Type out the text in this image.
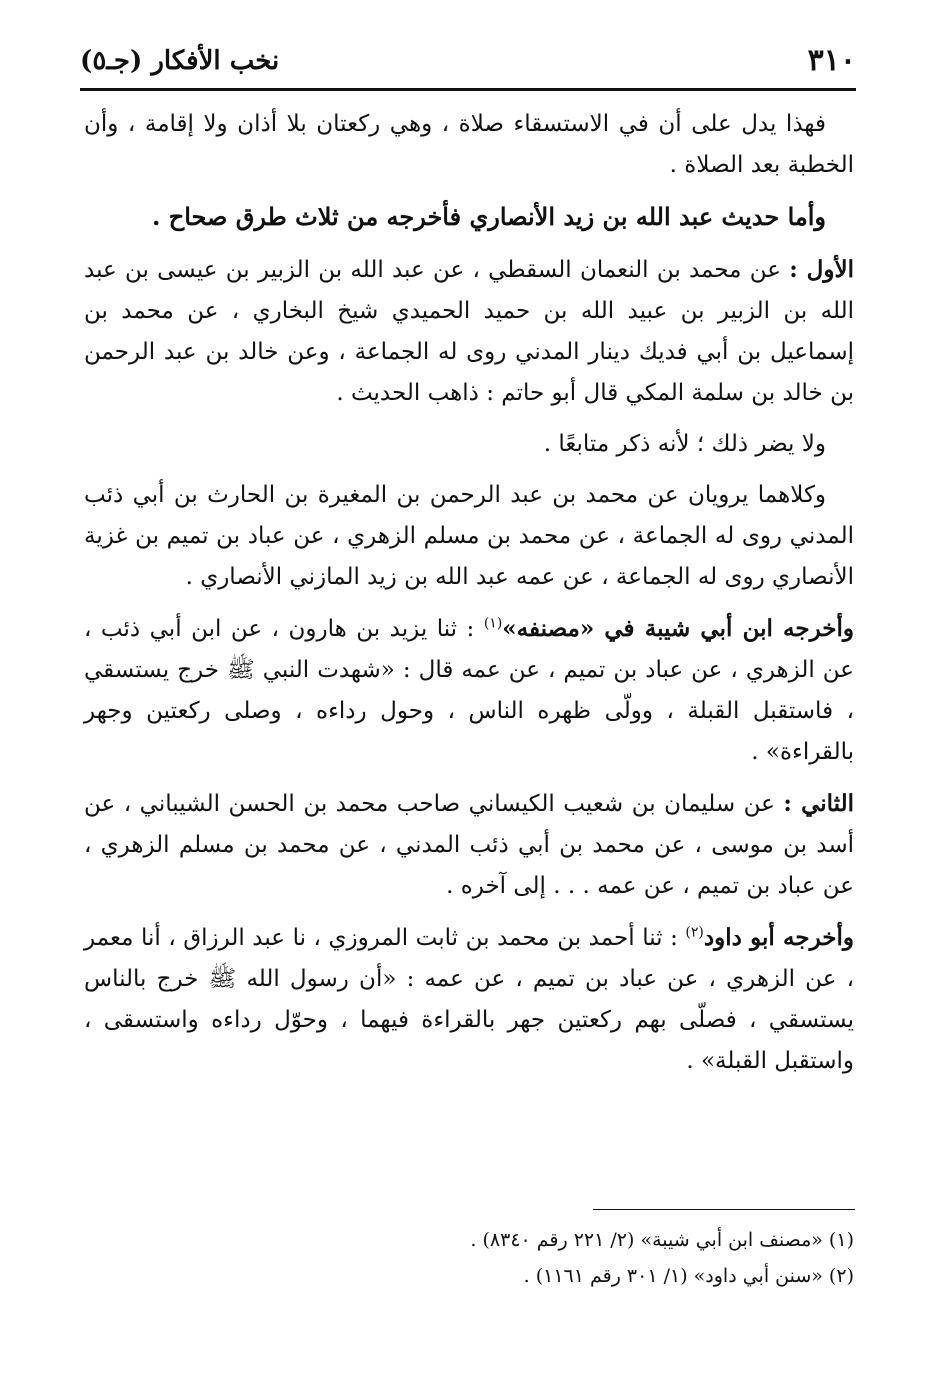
٣١٠
نخب الأفكار (جـ٥)

فهذا يدل على أن في الاستسقاء صلاة ، وهي ركعتان بلا أذان ولا إقامة ، وأن الخطبة بعد الصلاة .

وأما حديث عبد الله بن زيد الأنصاري فأخرجه من ثلاث طرق صحاح .

الأول : عن محمد بن النعمان السقطي ، عن عبد الله بن الزبير بن عيسى بن عبد الله بن الزبير بن عبيد الله بن حميد الحميدي شيخ البخاري ، عن محمد بن إسماعيل بن أبي فديك دينار المدني روى له الجماعة ، وعن خالد بن عبد الرحمن بن خالد بن سلمة المكي قال أبو حاتم : ذاهب الحديث .

ولا يضر ذلك ؛ لأنه ذكر متابعًا .

وكلاهما يرويان عن محمد بن عبد الرحمن بن المغيرة بن الحارث بن أبي ذئب المدني روى له الجماعة ، عن محمد بن مسلم الزهري ، عن عباد بن تميم بن غزية الأنصاري روى له الجماعة ، عن عمه عبد الله بن زيد المازني الأنصاري .

وأخرجه ابن أبي شيبة في «مصنفه»$^{(١)}$ : ثنا يزيد بن هارون ، عن ابن أبي ذئب ، عن الزهري ، عن عباد بن تميم ، عن عمه قال : «شهدت النبي ﷺ خرج يستسقي ، فاستقبل القبلة ، وولّى ظهره الناس ، وحول رداءه ، وصلى ركعتين وجهر بالقراءة» .

الثاني : عن سليمان بن شعيب الكيساني صاحب محمد بن الحسن الشيباني ، عن أسد بن موسى ، عن محمد بن أبي ذئب المدني ، عن محمد بن مسلم الزهري ، عن عباد بن تميم ، عن عمه . . . إلى آخره .

وأخرجه أبو داود$^{(٢)}$ : ثنا أحمد بن محمد بن ثابت المروزي ، نا عبد الرزاق ، أنا معمر ، عن الزهري ، عن عباد بن تميم ، عن عمه : «أن رسول الله ﷺ خرج بالناس يستسقي ، فصلّى بهم ركعتين جهر بالقراءة فيهما ، وحوّل رداءه واستسقى ، واستقبل القبلة» .

(١) «مصنف ابن أبي شيبة» (٢/ ٢٢١ رقم ٨٣٤٠) .

(٢) «سنن أبي داود» (١/ ٣٠١ رقم ١١٦١) .
